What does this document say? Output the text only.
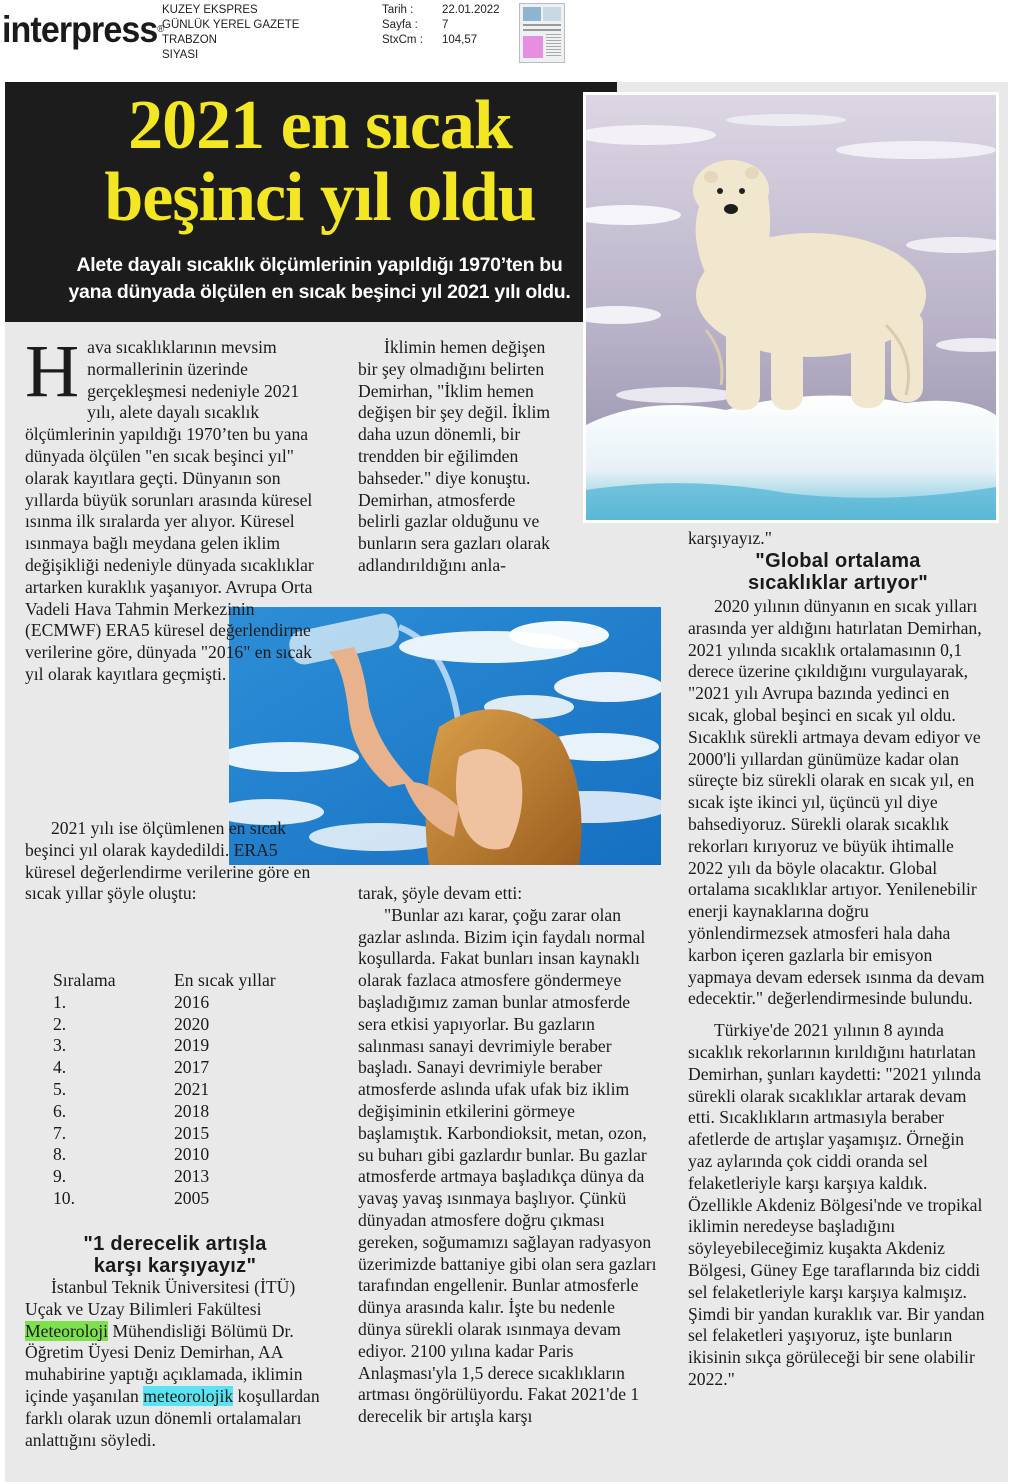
interpress®
KUZEY EKSPRES
GÜNLÜK YEREL GAZETE
TRABZON
SIYASI
Tarih :
Sayfa :
StxCm :
22.01.2022
7
104,57
2021 en sıcak
beşinci yıl oldu
Alete dayalı sıcaklık ölçümlerinin yapıldığı 1970’ten bu
yana dünyada ölçülen en sıcak beşinci yıl 2021 yılı oldu.

Hava sıcaklıklarının mevsim normallerinin üzerinde gerçekleşmesi nedeniyle 2021 yılı, alete dayalı sıcaklık ölçümlerinin yapıldığı 1970’ten bu yana dünyada ölçülen "en sıcak beşinci yıl" olarak kayıtlara geçti. Dünyanın son yıllarda büyük sorunları arasında küresel ısınma ilk sıralarda yer alıyor. Küresel ısınmaya bağlı meydana gelen iklim değişikliği nedeniyle dünyada sıcaklıklar artarken kuraklık yaşanıyor. Avrupa Orta Vadeli Hava Tahmin Merkezinin (ECMWF) ERA5 küresel değerlendirme verilerine göre, dünyada "2016" en sıcak yıl olarak kayıtlara geçmişti.

2021 yılı ise ölçümlenen en sıcak beşinci yıl olarak kaydedildi. ERA5 küresel değerlendirme verilerine göre en sıcak yıllar şöyle oluştu:

Sıralama	En sıcak yıllar
1.	2016
2.	2020
3.	2019
4.	2017
5.	2021
6.	2018
7.	2015
8.	2010
9.	2013
10.	2005
"1 derecelik artışla
karşı karşıyayız"

İstanbul Teknik Üniversitesi (İTÜ) Uçak ve Uzay Bilimleri Fakültesi Meteoroloji Mühendisliği Bölümü Dr. Öğretim Üyesi Deniz Demirhan, AA muhabirine yaptığı açıklamada, iklimin içinde yaşanılan meteorolojik koşullardan farklı olarak uzun dönemli ortalamaları anlattığını söyledi.

İklimin hemen değişen bir şey olmadığını belirten Demirhan, "İklim hemen değişen bir şey değil. İklim daha uzun dönemli, bir trendden bir eğilimden bahseder." diye konuştu. Demirhan, atmosferde belirli gazlar olduğunu ve bunların sera gazları olarak adlandırıldığını anla-

tarak, şöyle devam etti:

"Bunlar azı karar, çoğu zarar olan gazlar aslında. Bizim için faydalı normal koşullarda. Fakat bunları insan kaynaklı olarak fazlaca atmosfere göndermeye başladığımız zaman bunlar atmosferde sera etkisi yapıyorlar. Bu gazların salınması sanayi devrimiyle beraber başladı. Sanayi devrimiyle beraber atmosferde aslında ufak ufak biz iklim değişiminin etkilerini görmeye başlamıştık. Karbondioksit, metan, ozon, su buharı gibi gazlardır bunlar. Bu gazlar atmosferde artmaya başladıkça dünya da yavaş yavaş ısınmaya başlıyor. Çünkü dünyadan atmosfere doğru çıkması gereken, soğumamızı sağlayan radyasyon üzerimizde battaniye gibi olan sera gazları tarafından engellenir. Bunlar atmosferle dünya arasında kalır. İşte bu nedenle dünya sürekli olarak ısınmaya devam ediyor. 2100 yılına kadar Paris Anlaşması'yla 1,5 derece sıcaklıkların artması öngörülüyordu. Fakat 2021'de 1 derecelik bir artışla karşı

karşıyayız."

"Global ortalama
sıcaklıklar artıyor"

2020 yılının dünyanın en sıcak yılları arasında yer aldığını hatırlatan Demirhan, 2021 yılında sıcaklık ortalamasının 0,1 derece üzerine çıkıldığını vurgulayarak, "2021 yılı Avrupa bazında yedinci en sıcak, global beşinci en sıcak yıl oldu. Sıcaklık sürekli artmaya devam ediyor ve 2000'li yıllardan günümüze kadar olan süreçte biz sürekli olarak en sıcak yıl, en sıcak işte ikinci yıl, üçüncü yıl diye bahsediyoruz. Sürekli olarak sıcaklık rekorları kırıyoruz ve büyük ihtimalle 2022 yılı da böyle olacaktır. Global ortalama sıcaklıklar artıyor. Yenilenebilir enerji kaynaklarına doğru yönlendirmezsek atmosferi hala daha karbon içeren gazlarla bir emisyon yapmaya devam edersek ısınma da devam edecektir." değerlendirmesinde bulundu.

Türkiye'de 2021 yılının 8 ayında sıcaklık rekorlarının kırıldığını hatırlatan Demirhan, şunları kaydetti: "2021 yılında sürekli olarak sıcaklıklar artarak devam etti. Sıcaklıkların artmasıyla beraber afetlerde de artışlar yaşamışız. Örneğin yaz aylarında çok ciddi oranda sel felaketleriyle karşı karşıya kaldık. Özellikle Akdeniz Bölgesi'nde ve tropikal iklimin neredeyse başladığını söyleyebileceğimiz kuşakta Akdeniz Bölgesi, Güney Ege taraflarında biz ciddi sel felaketleriyle karşı karşıya kalmışız. Şimdi bir yandan kuraklık var. Bir yandan sel felaketleri yaşıyoruz, işte bunların ikisinin sıkça görüleceği bir sene olabilir 2022."
